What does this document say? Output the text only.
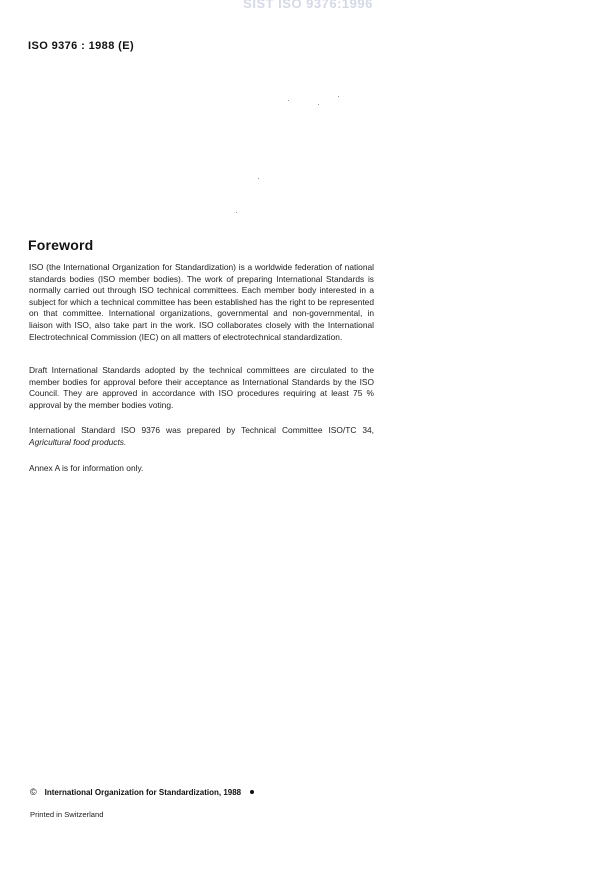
SIST ISO 9376:1996
ISO 9376 : 1988 (E)
Foreword
ISO (the International Organization for Standardization) is a worldwide federation of national standards bodies (ISO member bodies). The work of preparing International Standards is normally carried out through ISO technical committees. Each member body interested in a subject for which a technical committee has been established has the right to be represented on that committee. International organizations, governmental and non-governmental, in liaison with ISO, also take part in the work. ISO collaborates closely with the International Electrotechnical Commission (IEC) on all matters of electrotechnical standardization.
Draft International Standards adopted by the technical committees are circulated to the member bodies for approval before their acceptance as International Standards by the ISO Council. They are approved in accordance with ISO procedures requiring at least 75 % approval by the member bodies voting.
International Standard ISO 9376 was prepared by Technical Committee ISO/TC 34, Agricultural food products.
Annex A is for information only.
© International Organization for Standardization, 1988
Printed in Switzerland
